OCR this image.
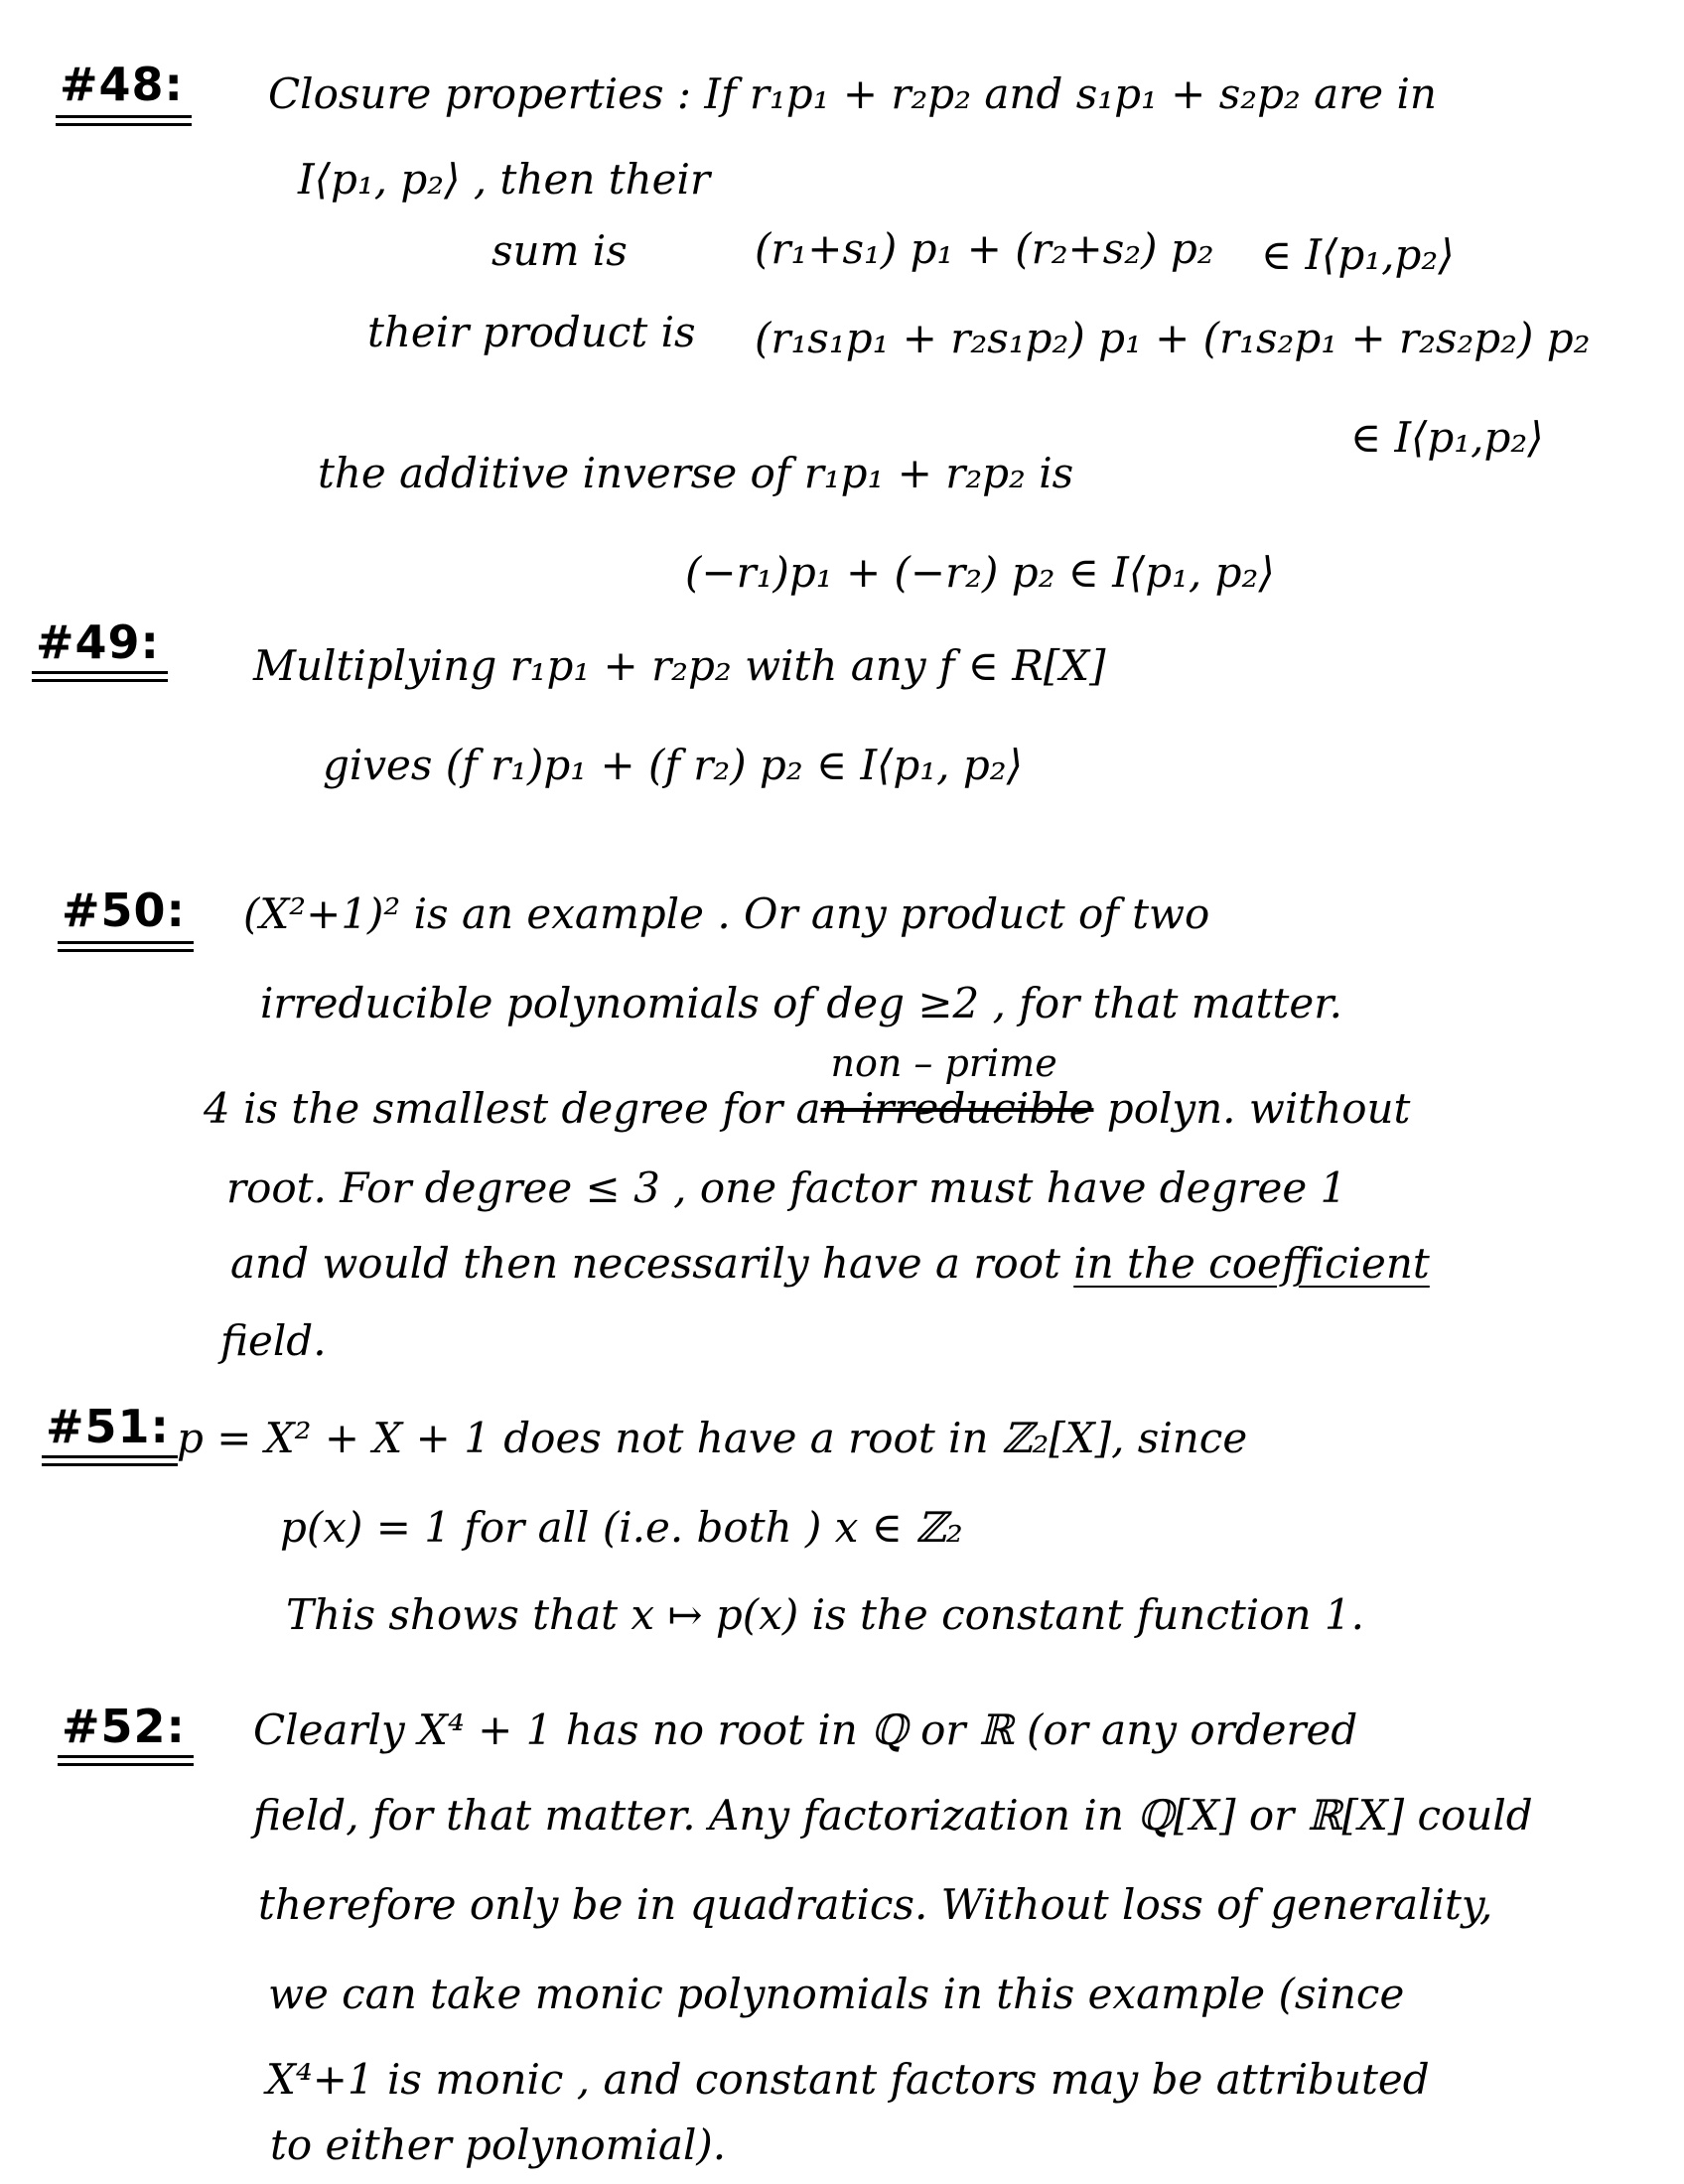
#48: Closure properties : If r₁p₁ + r₂p₂ and s₁p₁ + s₂p₂ are in
I⟨p₁, p₂⟩ , then their
sum is	(r₁+s₁) p₁ + (r₂+s₂) p₂ ∈ I⟨p₁,p₂⟩
their product is (r₁s₁p₁ + r₂s₁p₂) p₁ + (r₁s₂p₁ + r₂s₂p₂) p₂
∈ I⟨p₁,p₂⟩
the additive inverse of r₁p₁ + r₂p₂ is
(−r₁)p₁ + (−r₂) p₂ ∈ I⟨p₁, p₂⟩
#49: Multiplying r₁p₁ + r₂p₂ with any f ∈ R[X]
gives (f r₁)p₁ + (f r₂) p₂ ∈ I⟨p₁, p₂⟩
#50: (X²+1)² is an example . Or any product of two
irreducible polynomials of deg ≥2 , for that matter.
4 is the smallest degree for a
non – prime
n irreducible polyn. without
root. For degree ≤ 3 , one factor must have degree 1
and would then necessarily have a root in the coefficient
field.
#51: p = X² + X + 1 does not have a root in ℤ₂[X], since
p(x) = 1 for all (i.e. both ) x ∈ ℤ₂
This shows that x ↦ p(x) is the constant function 1.
#52: Clearly X⁴ + 1 has no root in ℚ or ℝ (or any ordered
field, for that matter. Any factorization in ℚ[X] or ℝ[X] could
therefore only be in quadratics. Without loss of generality,
we can take monic polynomials in this example (since
X⁴+1 is monic , and constant factors may be attributed
to either polynomial).
